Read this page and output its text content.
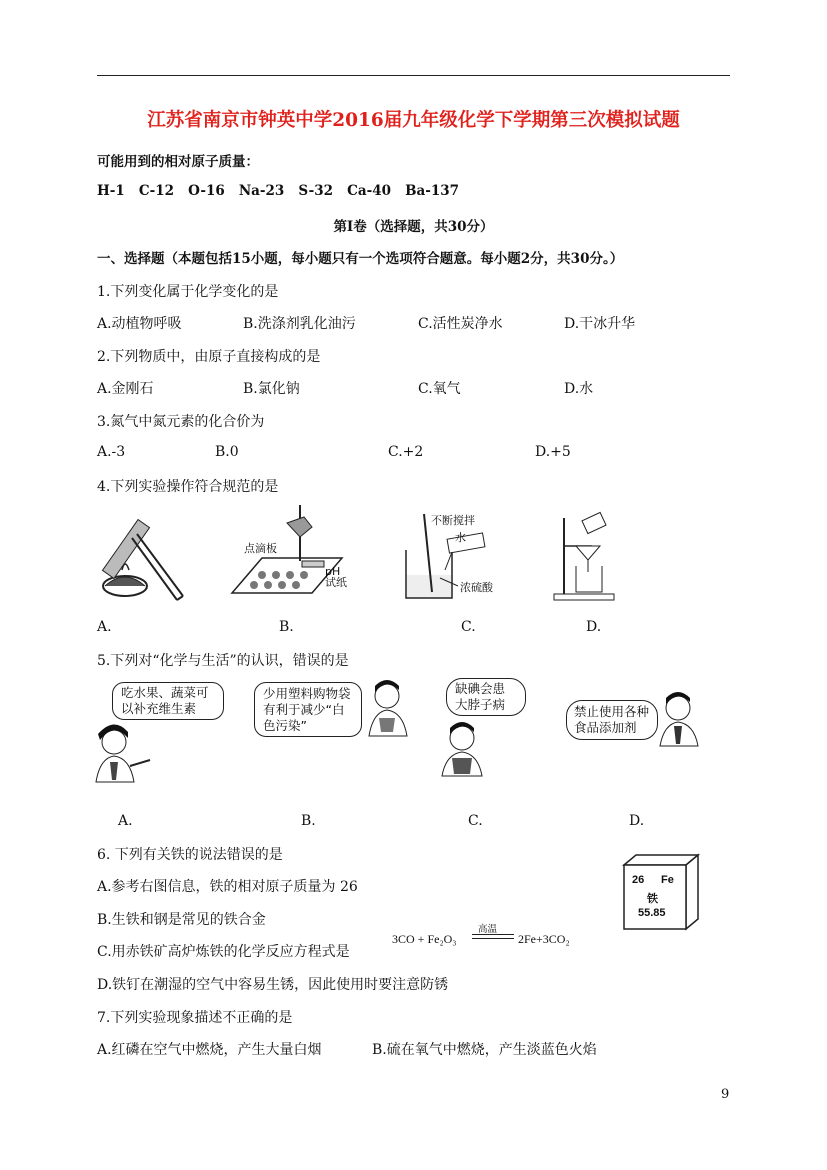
江苏省南京市钟英中学2016届九年级化学下学期第三次模拟试题
可能用到的相对原子质量：
H-1   C-12   O-16   Na-23   S-32   Ca-40   Ba-137
第Ⅰ卷（选择题，共30分）
一、选择题（本题包括15小题，每小题只有一个选项符合题意。每小题2分，共30分。）
1.下列变化属于化学变化的是
A.动植物呼吸	B.洗涤剂乳化油污	C.活性炭净水	D.干冰升华
2.下列物质中，由原子直接构成的是
A.金刚石	B.氯化钠	C.氧气	D.水
3.氮气中氮元素的化合价为
A.-3	B.0	C.+2	D.+5
4.下列实验操作符合规范的是
点滴板
pH
试纸
不断搅拌
水
浓硫酸
A.	B.	C.	D.
5.下列对“化学与生活”的认识，错误的是
吃水果、蔬菜可
以补充维生素
少用塑料购物袋
有利于减少“白
色污染”
缺碘会患
大脖子病	禁止使用各种
食品添加剂
A.	B.	C.	D.
6. 下列有关铁的说法错误的是
A.参考右图信息，铁的相对原子质量为 26
B.生铁和钢是常见的铁合金
C.用赤铁矿高炉炼铁的化学反应方程式是
D.铁钉在潮湿的空气中容易生锈，因此使用时要注意防锈
3CO + Fe₂O₃
高温
2Fe+3CO₂
26 Fe
铁
55.85
7.下列实验现象描述不正确的是
A.红磷在空气中燃烧，产生大量白烟	B.硫在氧气中燃烧，产生淡蓝色火焰
9
